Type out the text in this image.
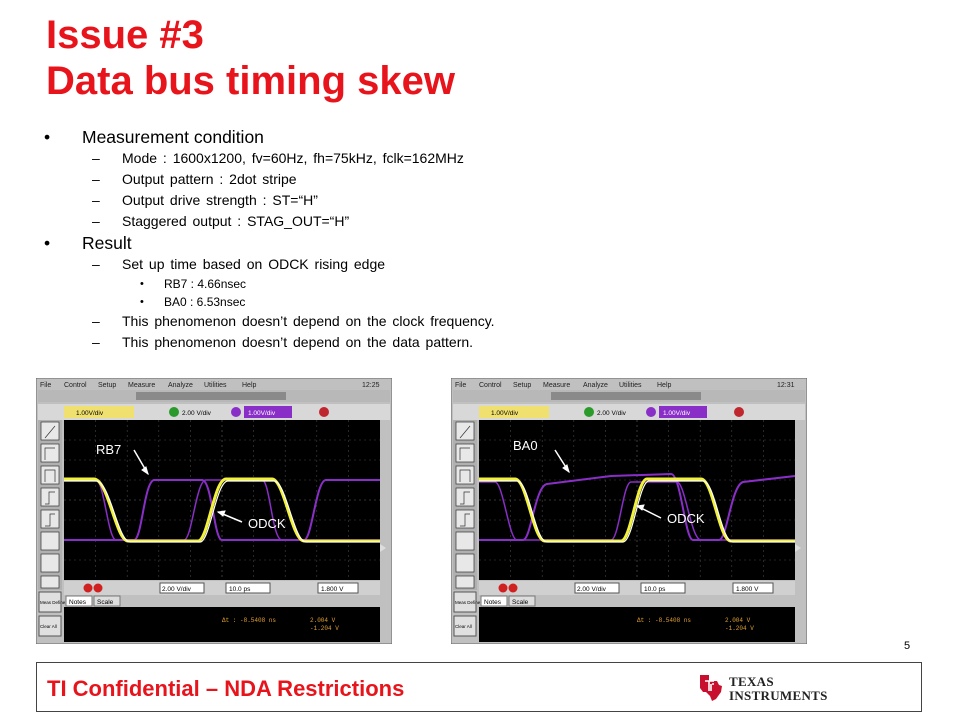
Issue #3
Data bus timing skew
• Measurement condition
– Mode : 1600x1200, fv=60Hz, fh=75kHz, fclk=162MHz
– Output pattern : 2dot stripe
– Output drive strength : ST=“H”
– Staggered output : STAG_OUT=“H”
• Result
– Set up time based on ODCK rising edge
• RB7 : 4.66nsec
• BA0 : 6.53nsec
– This phenomenon doesn’t depend on the clock frequency.
– This phenomenon doesn’t depend on the data pattern.
File Control Setup Measure Analyze Utilities Help	12:25
1.00V/div	2.00 V/div	1.00V/div
RB7
ODCK
2.00 V/div	10.0 ps	1.800 V
Notes Scale
Meas Define
Clear All
Δt : -8.5408 ns	2.004 V
-1.204 V
File Control Setup Measure Analyze Utilities Help	12:31
1.00V/div	2.00 V/div	1.00V/div
BA0
ODCK
2.00 V/div	10.0 ps	1.800 V
Notes Scale
Meas Define
Clear All
Δt : -8.5408 ns	2.004 V
-1.204 V
5
TI Confidential – NDA Restrictions	TEXAS
INSTRUMENTS
